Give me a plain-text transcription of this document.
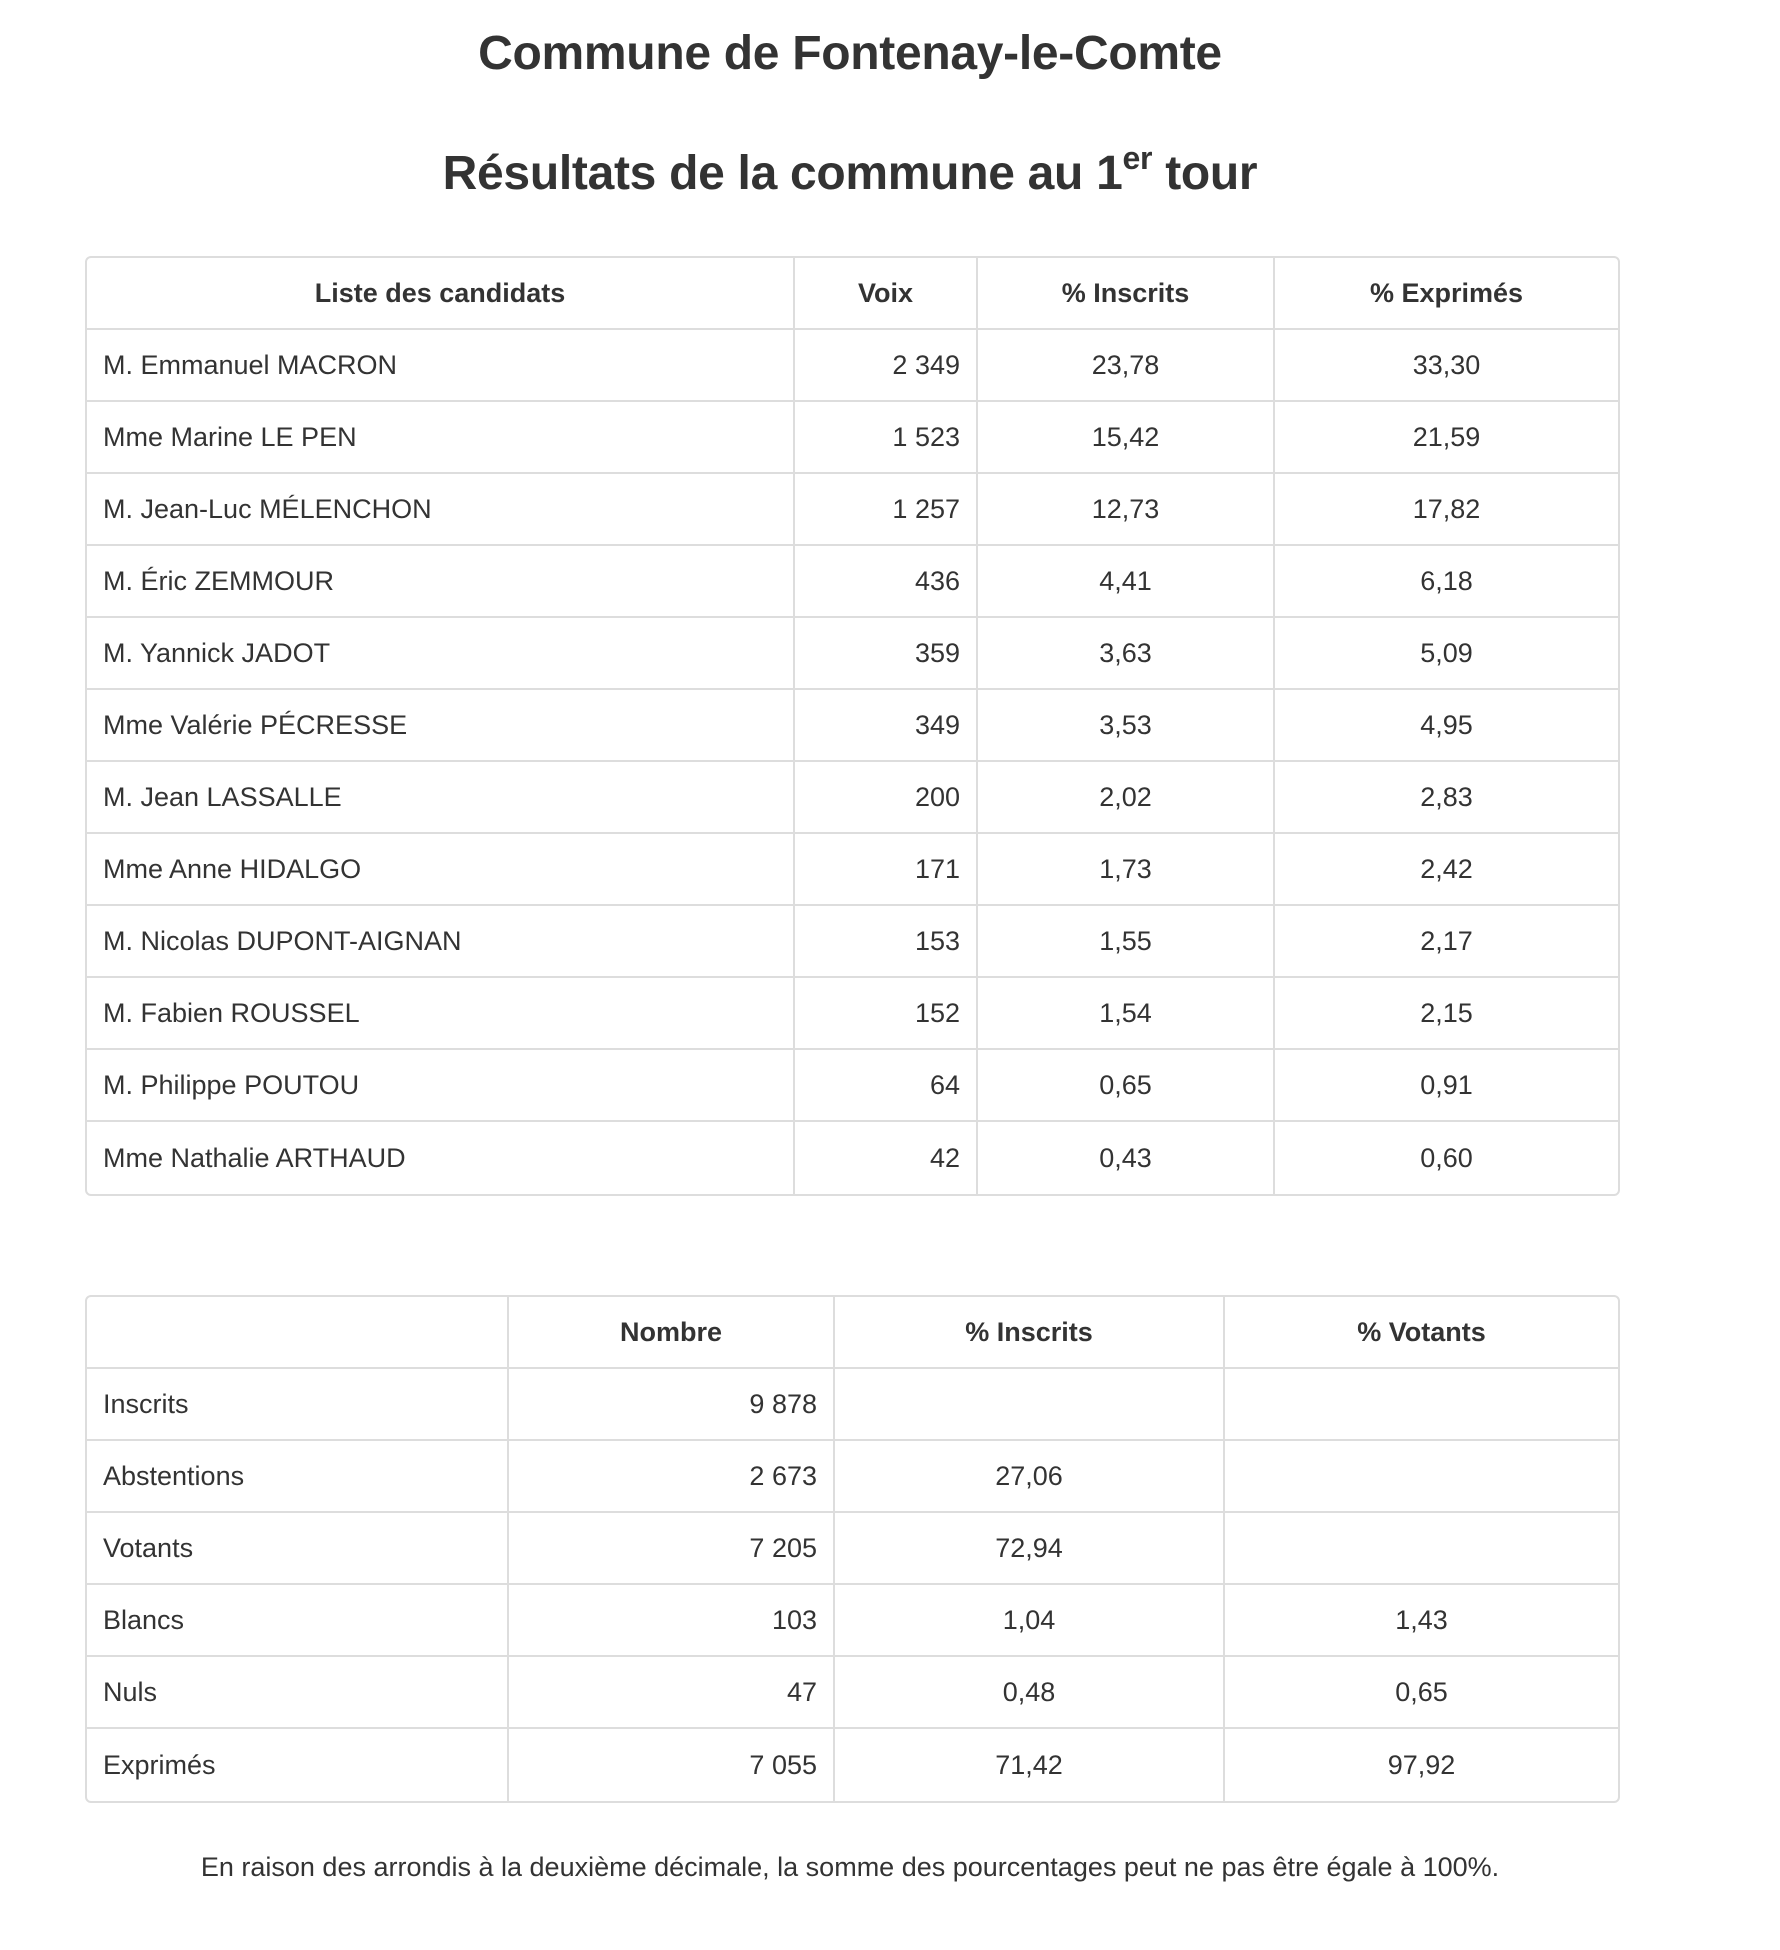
Commune de Fontenay-le-Comte
Résultats de la commune au 1er tour
Liste des candidats	Voix	% Inscrits	% Exprimés
M. Emmanuel MACRON	2 349	23,78	33,30
Mme Marine LE PEN	1 523	15,42	21,59
M. Jean-Luc MÉLENCHON	1 257	12,73	17,82
M. Éric ZEMMOUR	436	4,41	6,18
M. Yannick JADOT	359	3,63	5,09
Mme Valérie PÉCRESSE	349	3,53	4,95
M. Jean LASSALLE	200	2,02	2,83
Mme Anne HIDALGO	171	1,73	2,42
M. Nicolas DUPONT-AIGNAN	153	1,55	2,17
M. Fabien ROUSSEL	152	1,54	2,15
M. Philippe POUTOU	64	0,65	0,91
Mme Nathalie ARTHAUD	42	0,43	0,60
	Nombre	% Inscrits	% Votants
Inscrits	9 878		
Abstentions	2 673	27,06	
Votants	7 205	72,94	
Blancs	103	1,04	1,43
Nuls	47	0,48	0,65
Exprimés	7 055	71,42	97,92

En raison des arrondis à la deuxième décimale, la somme des pourcentages peut ne pas être égale à 100%.
